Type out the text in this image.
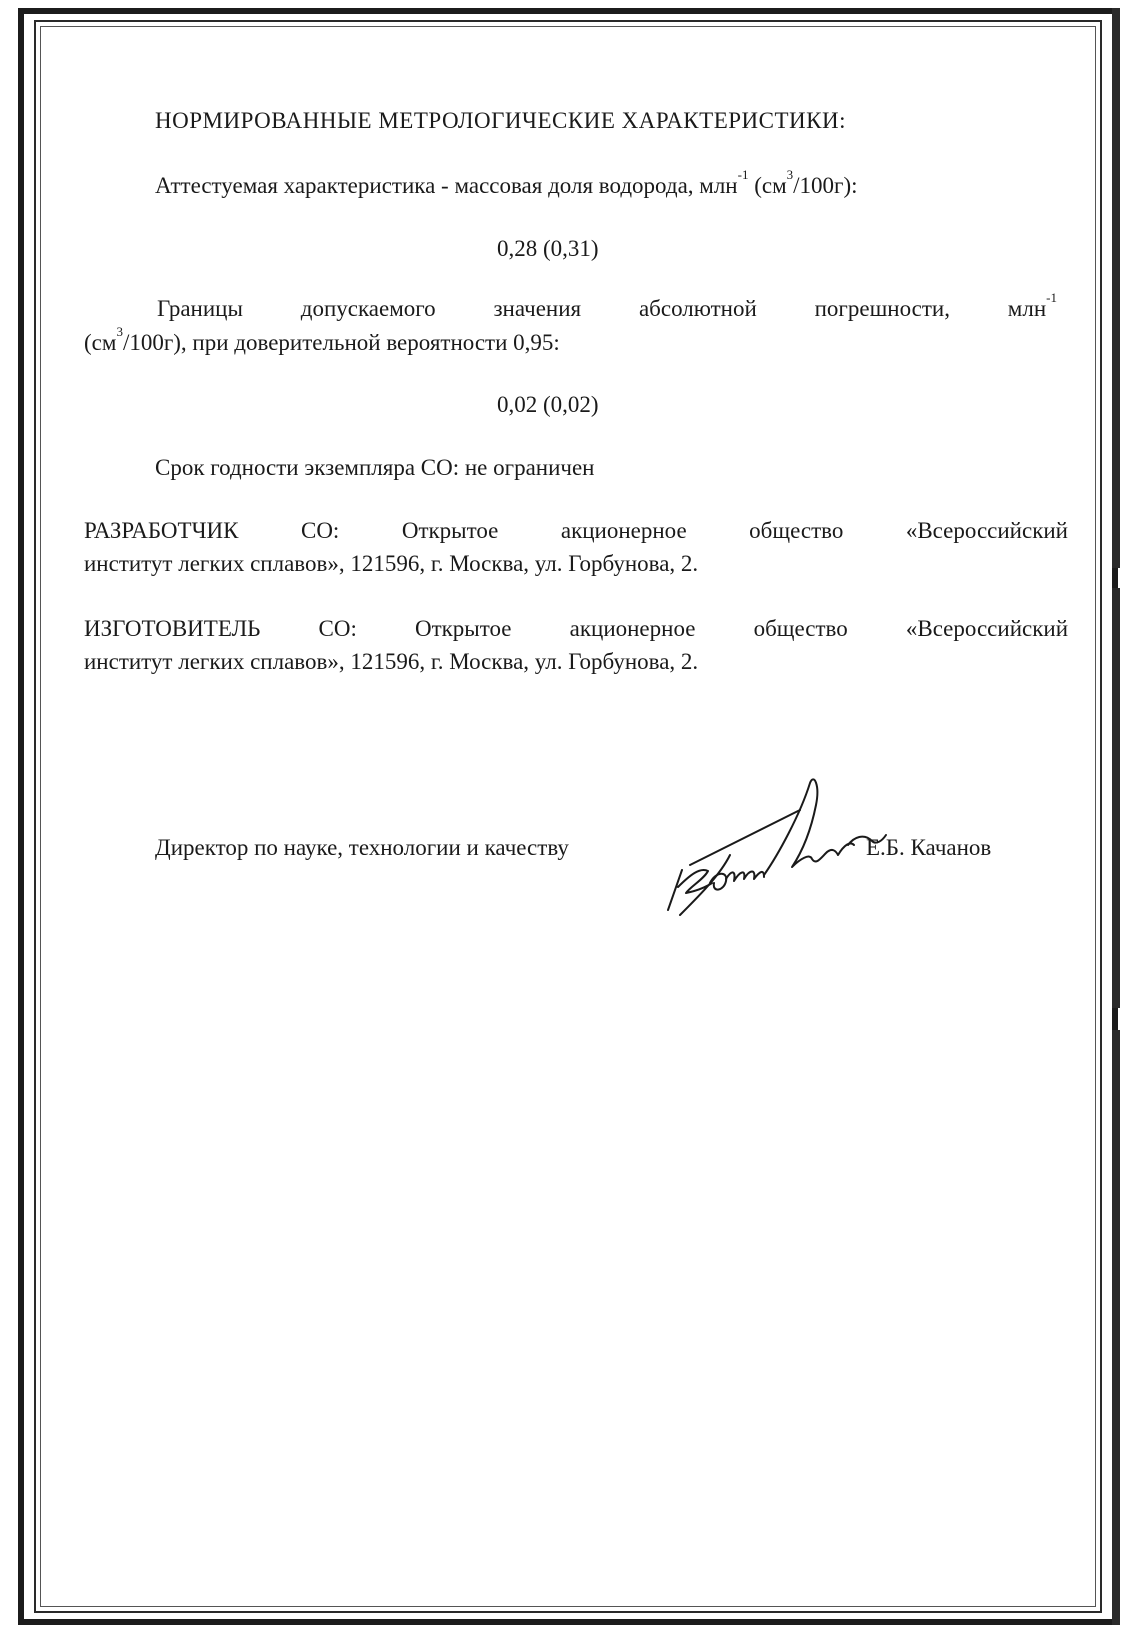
НОРМИРОВАННЫЕ МЕТРОЛОГИЧЕСКИЕ ХАРАКТЕРИСТИКИ:
Аттестуемая характеристика - массовая доля водорода, млн$^{-1}$ $(см^3/100г)$:
0,28 (0,31)
Границы допускаемого значения абсолютной погрешности, млн$^{-1}$
$(см^3/100г)$, при доверительной вероятности 0,95:
0,02 (0,02)
Срок годности экземпляра СО: не ограничен
РАЗРАБОТЧИК СО: Открытое акционерное общество «Всероссийский
институт легких сплавов», 121596, г. Москва, ул. Горбунова, 2.
ИЗГОТОВИТЕЛЬ СО: Открытое акционерное общество «Всероссийский
институт легких сплавов», 121596, г. Москва, ул. Горбунова, 2.
Директор по науке, технологии и качеству	Е.Б. Качанов
